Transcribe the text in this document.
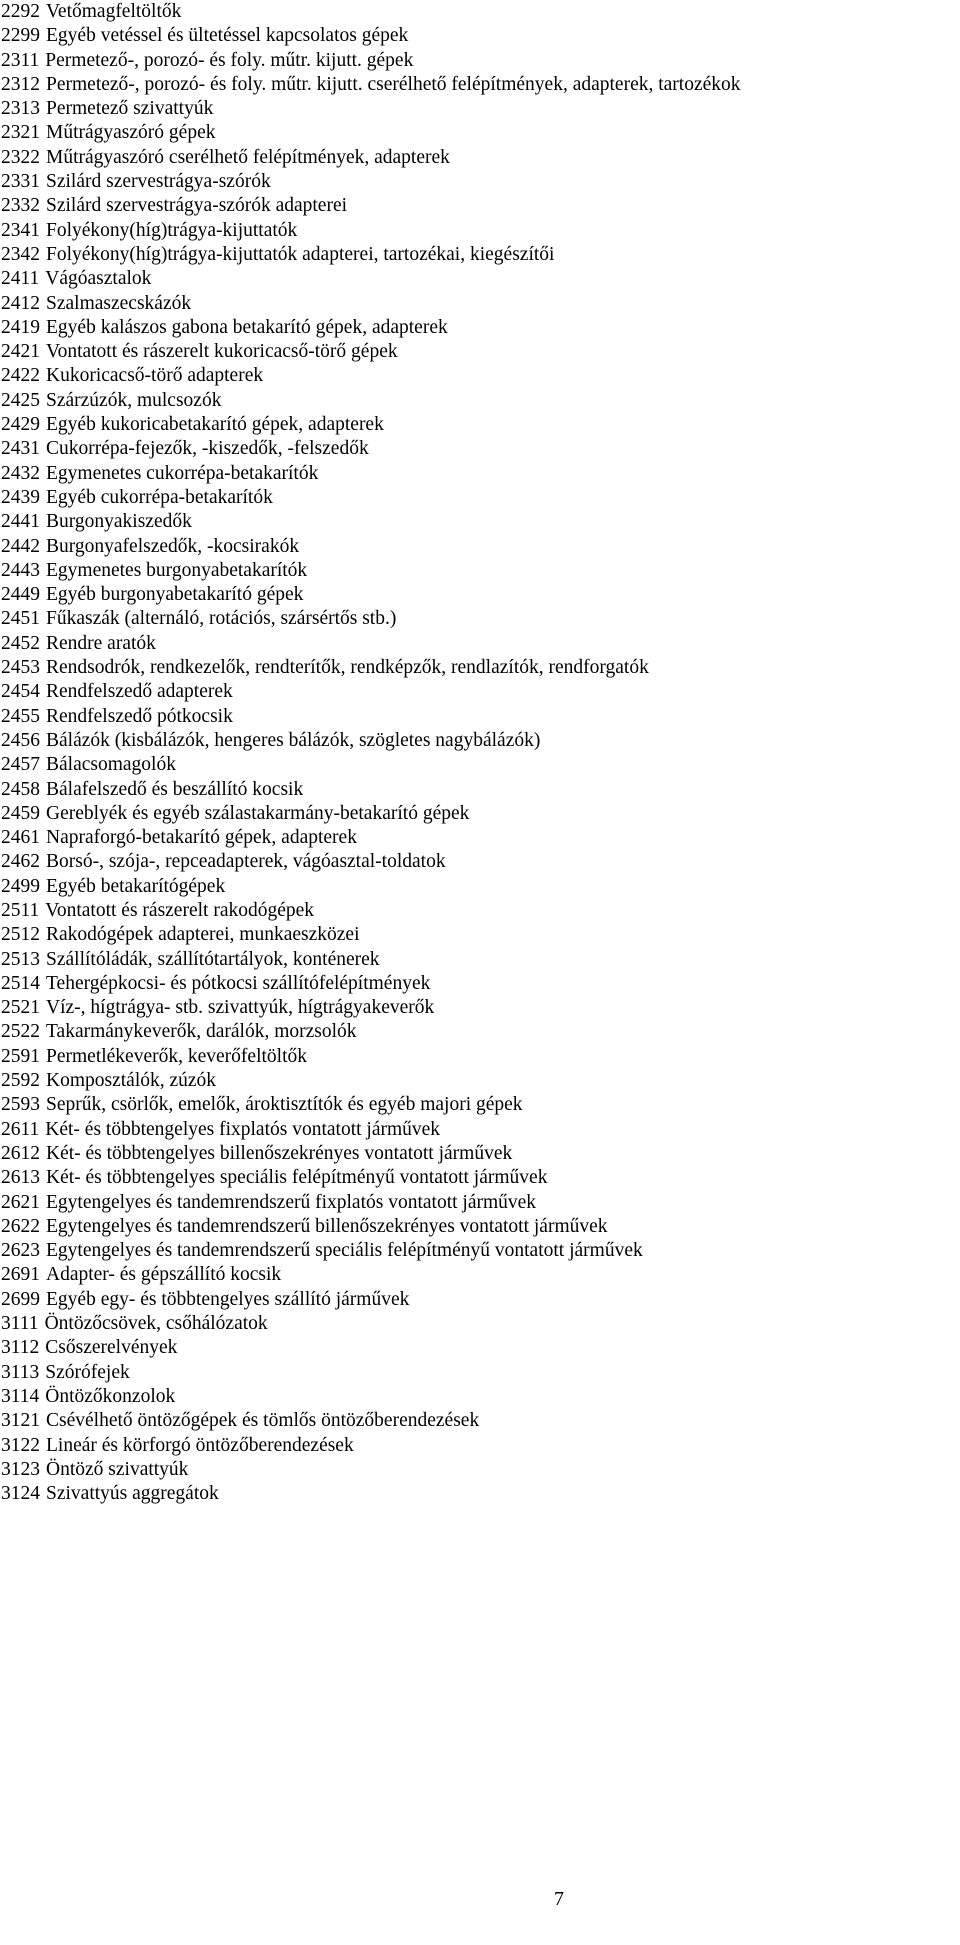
2292 Vetőmagfeltöltők
2299 Egyéb vetéssel és ültetéssel kapcsolatos gépek
2311 Permetező-, porozó- és foly. műtr. kijutt. gépek
2312 Permetező-, porozó- és foly. műtr. kijutt. cserélhető felépítmények, adapterek, tartozékok
2313 Permetező szivattyúk
2321 Műtrágyaszóró gépek
2322 Műtrágyaszóró cserélhető felépítmények, adapterek
2331 Szilárd szervestrágya-szórók
2332 Szilárd szervestrágya-szórók adapterei
2341 Folyékony(híg)trágya-kijuttatók
2342 Folyékony(híg)trágya-kijuttatók adapterei, tartozékai, kiegészítői
2411 Vágóasztalok
2412 Szalmaszecskázók
2419 Egyéb kalászos gabona betakarító gépek, adapterek
2421 Vontatott és rászerelt kukoricacső-törő gépek
2422 Kukoricacső-törő adapterek
2425 Szárzúzók, mulcsozók
2429 Egyéb kukoricabetakarító gépek, adapterek
2431 Cukorrépa-fejezők, -kiszedők, -felszedők
2432 Egymenetes cukorrépa-betakarítók
2439 Egyéb cukorrépa-betakarítók
2441 Burgonyakiszedők
2442 Burgonyafelszedők, -kocsirakók
2443 Egymenetes burgonyabetakarítók
2449 Egyéb burgonyabetakarító gépek
2451 Fűkaszák (alternáló, rotációs, szársértős stb.)
2452 Rendre aratók
2453 Rendsodrók, rendkezelők, rendterítők, rendképzők, rendlazítók, rendforgatók
2454 Rendfelszedő adapterek
2455 Rendfelszedő pótkocsik
2456 Bálázók (kisbálázók, hengeres bálázók, szögletes nagybálázók)
2457 Bálacsomagolók
2458 Bálafelszedő és beszállító kocsik
2459 Gereblyék és egyéb szálastakarmány-betakarító gépek
2461 Napraforgó-betakarító gépek, adapterek
2462 Borsó-, szója-, repceadapterek, vágóasztal-toldatok
2499 Egyéb betakarítógépek
2511 Vontatott és rászerelt rakodógépek
2512 Rakodógépek adapterei, munkaeszközei
2513 Szállítóládák, szállítótartályok, konténerek
2514 Tehergépkocsi- és pótkocsi szállítófelépítmények
2521 Víz-, hígtrágya- stb. szivattyúk, hígtrágyakeverők
2522 Takarmánykeverők, darálók, morzsolók
2591 Permetlékeverők, keverőfeltöltők
2592 Komposztálók, zúzók
2593 Seprűk, csörlők, emelők, ároktisztítók és egyéb majori gépek
2611 Két- és többtengelyes fixplatós vontatott járművek
2612 Két- és többtengelyes billenőszekrényes vontatott járművek
2613 Két- és többtengelyes speciális felépítményű vontatott járművek
2621 Egytengelyes és tandemrendszerű fixplatós vontatott járművek
2622 Egytengelyes és tandemrendszerű billenőszekrényes vontatott járművek
2623 Egytengelyes és tandemrendszerű speciális felépítményű vontatott járművek
2691 Adapter- és gépszállító kocsik
2699 Egyéb egy- és többtengelyes szállító járművek
3111 Öntözőcsövek, csőhálózatok
3112 Csőszerelvények
3113 Szórófejek
3114 Öntözőkonzolok
3121 Csévélhető öntözőgépek és tömlős öntözőberendezések
3122 Lineár és körforgó öntözőberendezések
3123 Öntöző szivattyúk
3124 Szivattyús aggregátok
7
